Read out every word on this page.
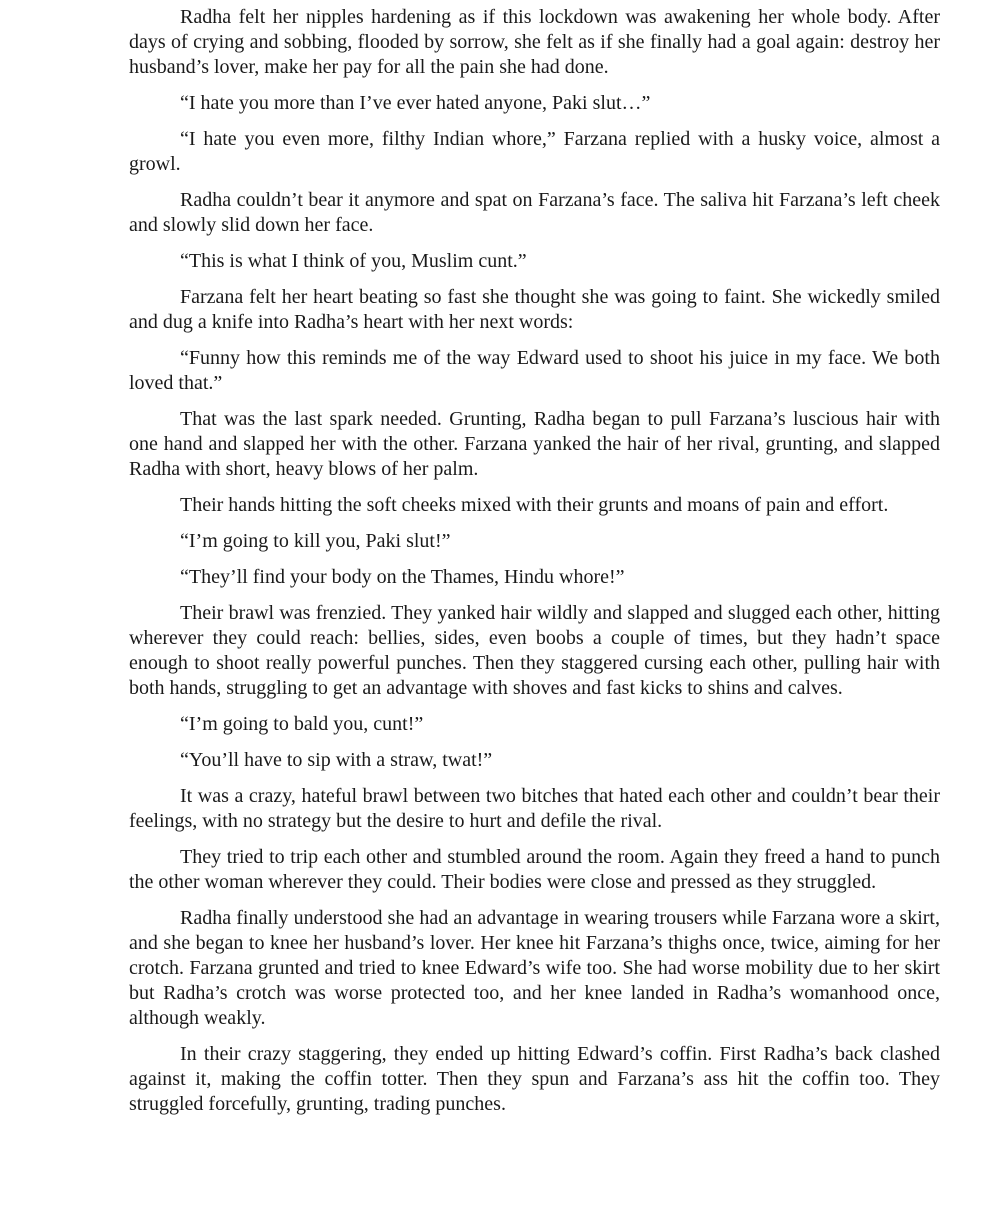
Radha felt her nipples hardening as if this lockdown was awakening her whole body. After days of crying and sobbing, flooded by sorrow, she felt as if she finally had a goal again: destroy her husband’s lover, make her pay for all the pain she had done.

“I hate you more than I’ve ever hated anyone, Paki slut…”

“I hate you even more, filthy Indian whore,” Farzana replied with a husky voice, almost a growl.

Radha couldn’t bear it anymore and spat on Farzana’s face. The saliva hit Farzana’s left cheek and slowly slid down her face.

“This is what I think of you, Muslim cunt.”

Farzana felt her heart beating so fast she thought she was going to faint. She wickedly smiled and dug a knife into Radha’s heart with her next words:

“Funny how this reminds me of the way Edward used to shoot his juice in my face. We both loved that.”

That was the last spark needed. Grunting, Radha began to pull Farzana’s luscious hair with one hand and slapped her with the other. Farzana yanked the hair of her rival, grunting, and slapped Radha with short, heavy blows of her palm.

Their hands hitting the soft cheeks mixed with their grunts and moans of pain and effort.

“I’m going to kill you, Paki slut!”

“They’ll find your body on the Thames, Hindu whore!”

Their brawl was frenzied. They yanked hair wildly and slapped and slugged each other, hitting wherever they could reach: bellies, sides, even boobs a couple of times, but they hadn’t space enough to shoot really powerful punches. Then they staggered cursing each other, pulling hair with both hands, struggling to get an advantage with shoves and fast kicks to shins and calves.

“I’m going to bald you, cunt!”

“You’ll have to sip with a straw, twat!”

It was a crazy, hateful brawl between two bitches that hated each other and couldn’t bear their feelings, with no strategy but the desire to hurt and defile the rival.

They tried to trip each other and stumbled around the room. Again they freed a hand to punch the other woman wherever they could. Their bodies were close and pressed as they struggled.

Radha finally understood she had an advantage in wearing trousers while Farzana wore a skirt, and she began to knee her husband’s lover. Her knee hit Farzana’s thighs once, twice, aiming for her crotch. Farzana grunted and tried to knee Edward’s wife too. She had worse mobility due to her skirt but Radha’s crotch was worse protected too, and her knee landed in Radha’s womanhood once, although weakly.

In their crazy staggering, they ended up hitting Edward’s coffin. First Radha’s back clashed against it, making the coffin totter. Then they spun and Farzana’s ass hit the coffin too. They struggled forcefully, grunting, trading punches.
